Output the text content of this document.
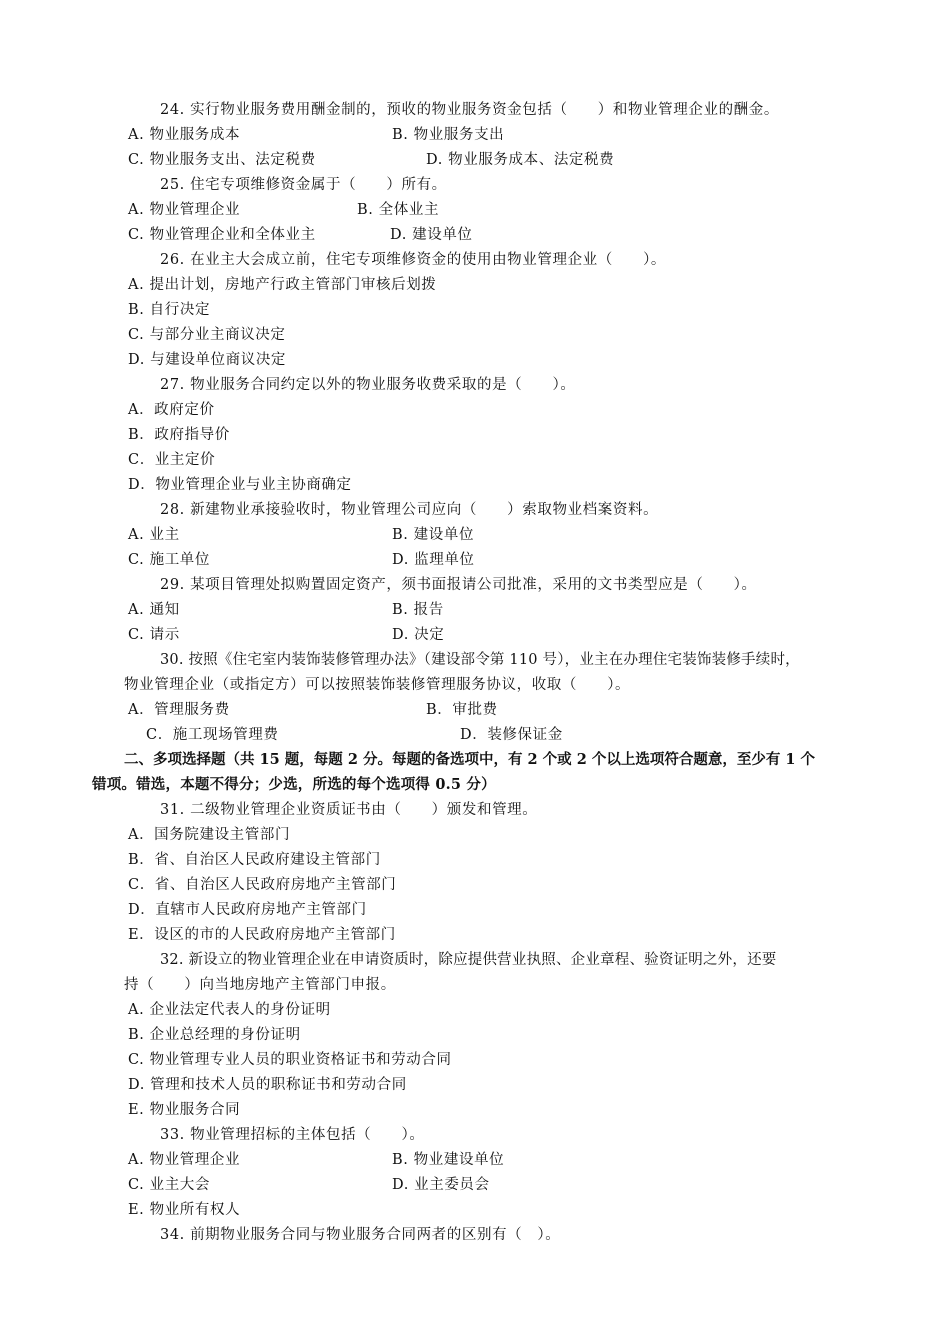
24. 实行物业服务费用酬金制的，预收的物业服务资金包括（　　）和物业管理企业的酬金。
A. 物业服务成本	B. 物业服务支出
C. 物业服务支出、法定税费	D. 物业服务成本、法定税费
25. 住宅专项维修资金属于（　　）所有。
A. 物业管理企业	B. 全体业主
C. 物业管理企业和全体业主	D. 建设单位
26. 在业主大会成立前，住宅专项维修资金的使用由物业管理企业（　　）。
A. 提出计划，房地产行政主管部门审核后划拨
B. 自行决定
C. 与部分业主商议决定
D. 与建设单位商议决定
27. 物业服务合同约定以外的物业服务收费采取的是（　　）。
A．政府定价
B．政府指导价
C．业主定价
D．物业管理企业与业主协商确定
28. 新建物业承接验收时，物业管理公司应向（　　）索取物业档案资料。
A. 业主	B. 建设单位
C. 施工单位	D. 监理单位
29. 某项目管理处拟购置固定资产，须书面报请公司批准，采用的文书类型应是（　　）。
A. 通知	B. 报告
C. 请示	D. 决定
30. 按照《住宅室内装饰装修管理办法》（建设部令第 110 号），业主在办理住宅装饰装修手续时，
物业管理企业（或指定方）可以按照装饰装修管理服务协议，收取（　　）。
A．管理服务费	B．审批费
C．施工现场管理费	D．装修保证金
二、多项选择题（共 15 题，每题 2 分。每题的备选项中，有 2 个或 2 个以上选项符合题意，至少有 1 个
错项。错选，本题不得分；少选，所选的每个选项得 0.5 分）
31. 二级物业管理企业资质证书由（　　）颁发和管理。
A．国务院建设主管部门
B．省、自治区人民政府建设主管部门
C．省、自治区人民政府房地产主管部门
D．直辖市人民政府房地产主管部门
E．设区的市的人民政府房地产主管部门
32. 新设立的物业管理企业在申请资质时，除应提供营业执照、企业章程、验资证明之外，还要
持（　　）向当地房地产主管部门申报。
A. 企业法定代表人的身份证明
B. 企业总经理的身份证明
C. 物业管理专业人员的职业资格证书和劳动合同
D. 管理和技术人员的职称证书和劳动合同
E. 物业服务合同
33. 物业管理招标的主体包括（　　）。
A. 物业管理企业	B. 物业建设单位
C. 业主大会	D. 业主委员会
E. 物业所有权人
34. 前期物业服务合同与物业服务合同两者的区别有（　）。
